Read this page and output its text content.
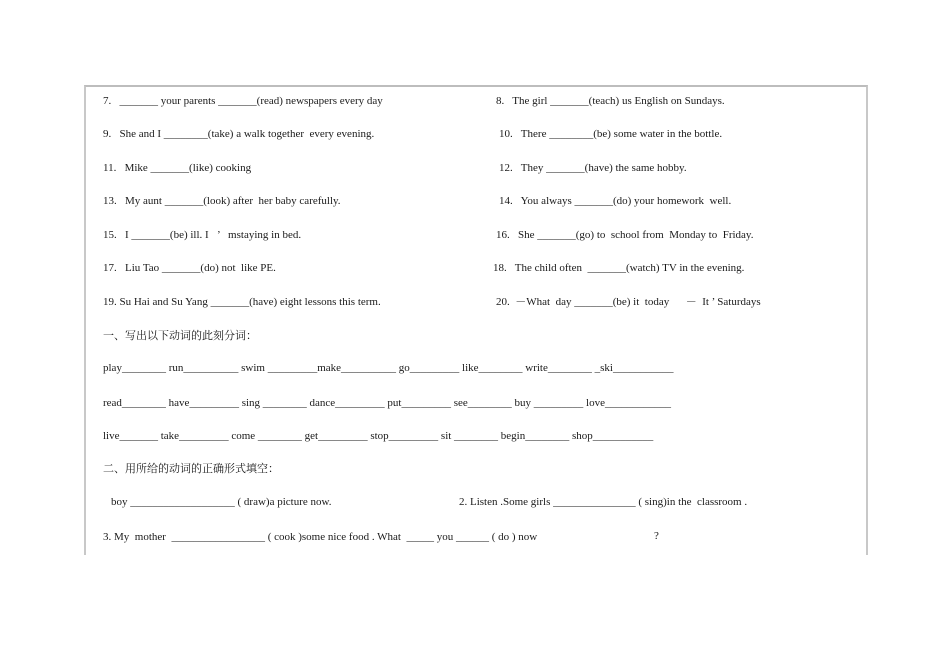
7.   _______ your parents _______(read) newspapers every day	8.   The girl _______(teach) us English on Sundays.
9.   She and I ________(take) a walk together  every evening.	10.   There ________(be) some water in the bottle.
11.   Mike _______(like) cooking	12.   They _______(have) the same hobby.
13.   My aunt _______(look) after  her baby carefully.	14.   You always _______(do) your homework  well.
15.   I _______(be) ill. I   ’   mstaying in bed.	16.   She _______(go) to  school from  Monday to  Friday.
17.   Liu Tao _______(do) not  like PE.	18.   The child often  _______(watch) TV in the evening.
19. Su Hai and Su Yang _______(have) eight lessons this term.	20.  －What  day _______(be) it  today      －  It ’ Saturdays
一、写出以下动词的此刻分词：
play________ run__________ swim _________make__________ go_________ like________ write________ _ski___________
read________ have_________ sing ________ dance_________ put_________ see________ buy _________ love____________
live_______ take_________ come ________ get_________ stop_________ sit ________ begin________ shop___________
二、用所给的动词的正确形式填空：
boy ___________________ ( draw)a picture now.	2. Listen .Some girls _______________ ( sing)in the  classroom .
3. My  mother  _________________ ( cook )some nice food . What  _____ you ______ ( do ) now	?
